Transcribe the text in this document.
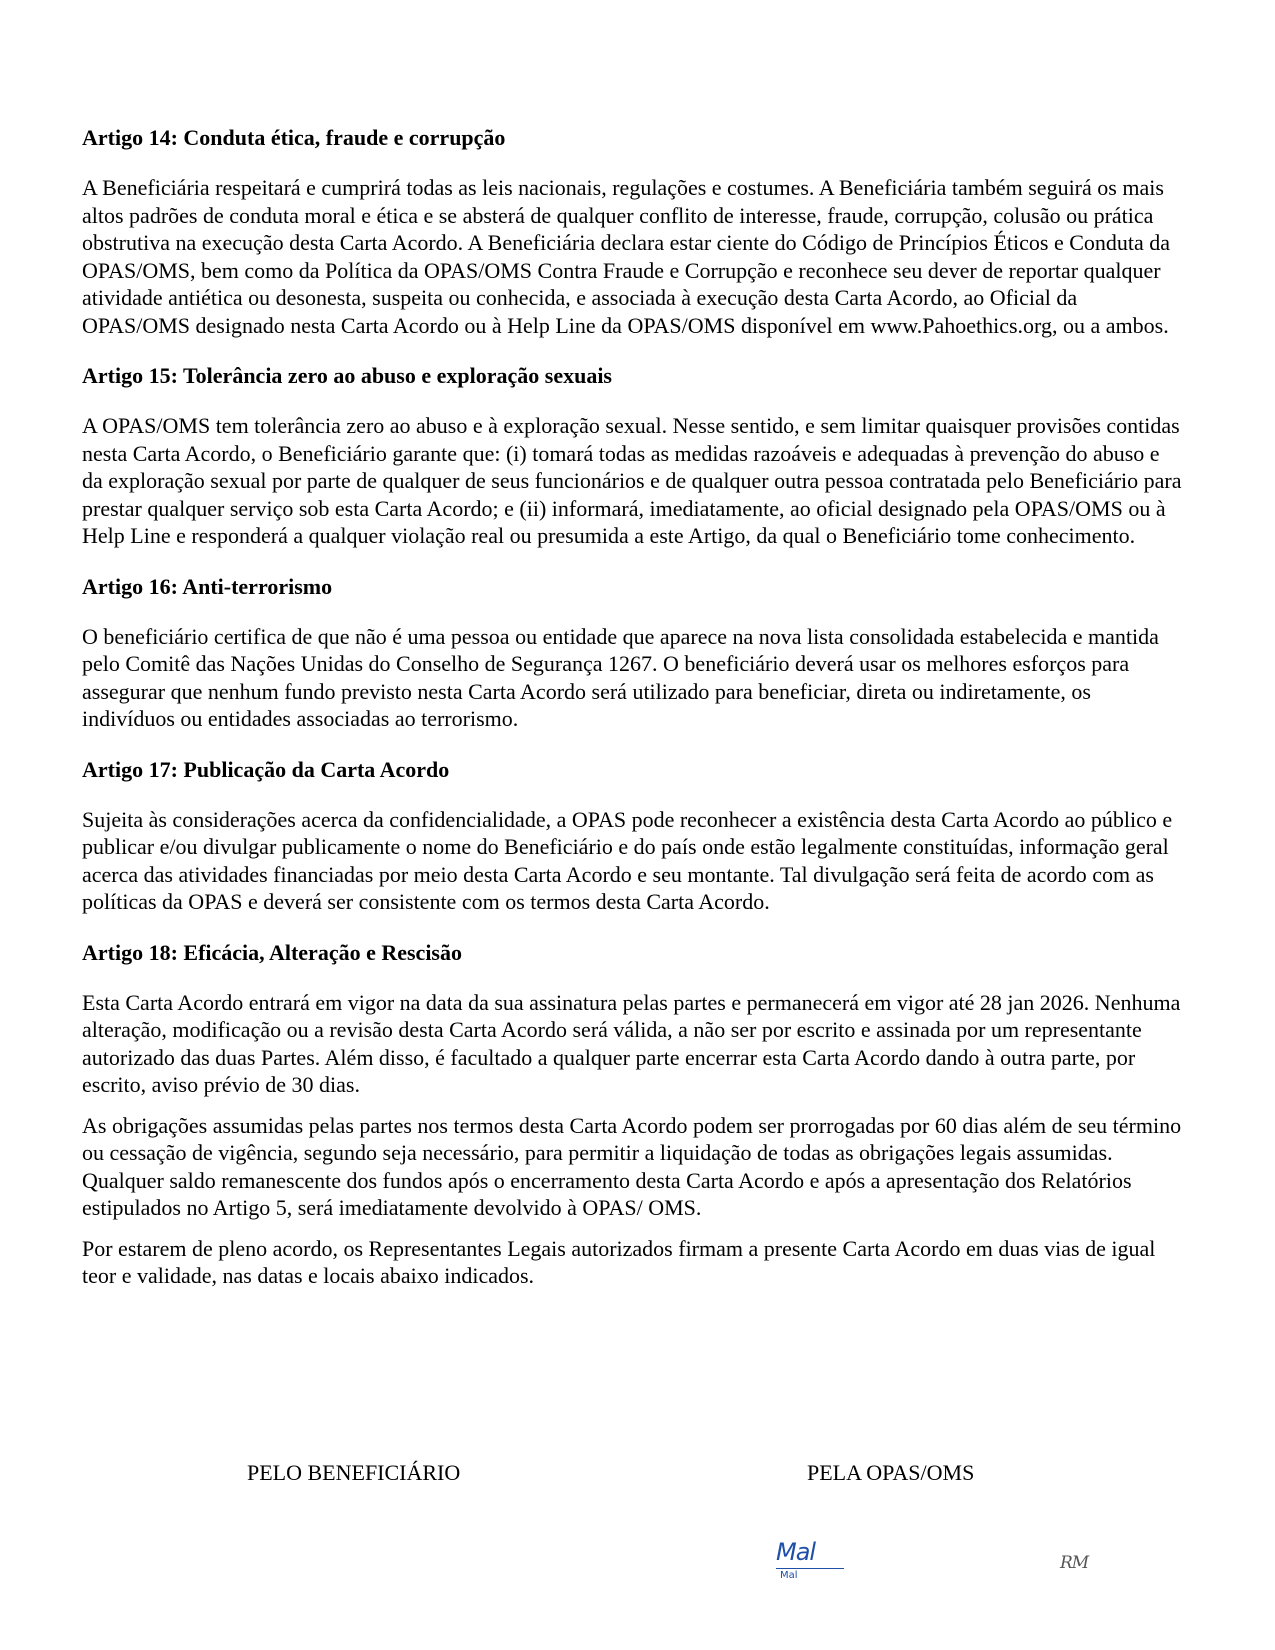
Artigo 14: Conduta ética, fraude e corrupção

A Beneficiária respeitará e cumprirá todas as leis nacionais, regulações e costumes. A Beneficiária também seguirá os mais altos padrões de conduta moral e ética e se absterá de qualquer conflito de interesse, fraude, corrupção, colusão ou prática obstrutiva na execução desta Carta Acordo. A Beneficiária declara estar ciente do Código de Princípios Éticos e Conduta da OPAS/OMS, bem como da Política da OPAS/OMS Contra Fraude e Corrupção e reconhece seu dever de reportar qualquer atividade antiética ou desonesta, suspeita ou conhecida, e associada à execução desta Carta Acordo, ao Oficial da OPAS/OMS designado nesta Carta Acordo ou à Help Line da OPAS/OMS disponível em www.Pahoethics.org, ou a ambos.

Artigo 15: Tolerância zero ao abuso e exploração sexuais

A OPAS/OMS tem tolerância zero ao abuso e à exploração sexual. Nesse sentido, e sem limitar quaisquer provisões contidas nesta Carta Acordo, o Beneficiário garante que: (i) tomará todas as medidas razoáveis e adequadas à prevenção do abuso e da exploração sexual por parte de qualquer de seus funcionários e de qualquer outra pessoa contratada pelo Beneficiário para prestar qualquer serviço sob esta Carta Acordo; e (ii) informará, imediatamente, ao oficial designado pela OPAS/OMS ou à Help Line e responderá a qualquer violação real ou presumida a este Artigo, da qual o Beneficiário tome conhecimento.

Artigo 16: Anti-terrorismo

O beneficiário certifica de que não é uma pessoa ou entidade que aparece na nova lista consolidada estabelecida e mantida pelo Comitê das Nações Unidas do Conselho de Segurança 1267. O beneficiário deverá usar os melhores esforços para assegurar que nenhum fundo previsto nesta Carta Acordo será utilizado para beneficiar, direta ou indiretamente, os indivíduos ou entidades associadas ao terrorismo.

Artigo 17: Publicação da Carta Acordo

Sujeita às considerações acerca da confidencialidade, a OPAS pode reconhecer a existência desta Carta Acordo ao público e publicar e/ou divulgar publicamente o nome do Beneficiário e do país onde estão legalmente constituídas, informação geral acerca das atividades financiadas por meio desta Carta Acordo e seu montante. Tal divulgação será feita de acordo com as políticas da OPAS e deverá ser consistente com os termos desta Carta Acordo.

Artigo 18: Eficácia, Alteração e Rescisão

Esta Carta Acordo entrará em vigor na data da sua assinatura pelas partes e permanecerá em vigor até 28 jan 2026. Nenhuma alteração, modificação ou a revisão desta Carta Acordo será válida, a não ser por escrito e assinada por um representante autorizado das duas Partes. Além disso, é facultado a qualquer parte encerrar esta Carta Acordo dando à outra parte, por escrito, aviso prévio de 30 dias.

As obrigações assumidas pelas partes nos termos desta Carta Acordo podem ser prorrogadas por 60 dias além de seu término ou cessação de vigência, segundo seja necessário, para permitir a liquidação de todas as obrigações legais assumidas. Qualquer saldo remanescente dos fundos após o encerramento desta Carta Acordo e após a apresentação dos Relatórios estipulados no Artigo 5, será imediatamente devolvido à OPAS/ OMS.

Por estarem de pleno acordo, os Representantes Legais autorizados firmam a presente Carta Acordo em duas vias de igual teor e validade, nas datas e locais abaixo indicados.

PELO BENEFICIÁRIO	PELA OPAS/OMS
Mal
Mal
RM
